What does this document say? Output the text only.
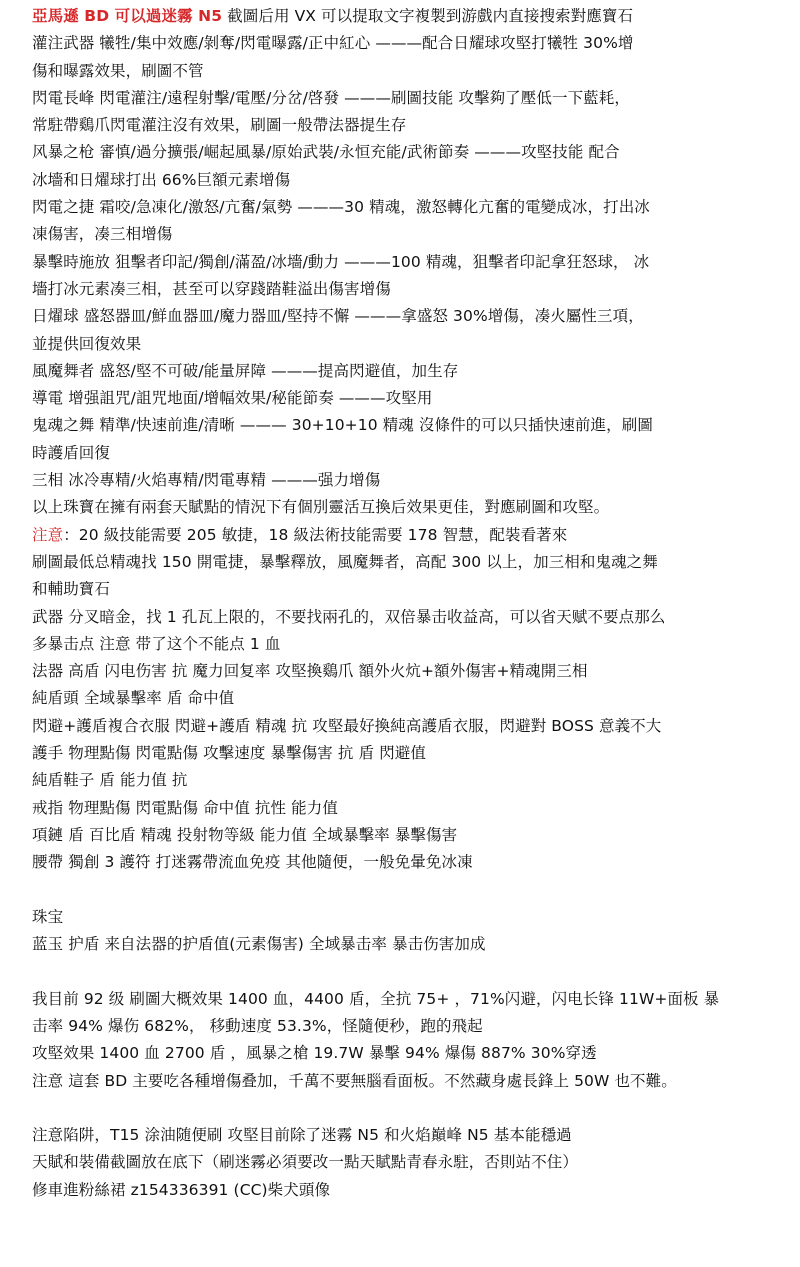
亞馬遜 BD 可以過迷霧 N5 截圖后用 VX 可以提取文字複製到游戲内直接搜索對應寶石
灌注武器 犧牲/集中效應/剝奪/閃電曝露/正中紅心 ———配合日耀球攻堅打犧牲 30%增
傷和曝露效果，刷圖不管
閃電長峰 閃電灌注/遠程射擊/電壓/分岔/啓發 ———刷圖技能 攻擊夠了壓低一下藍耗，
常駐帶鷄爪閃電灌注沒有效果，刷圖一般帶法器提生存
风暴之枪 審慎/過分擴張/崛起風暴/原始武裝/永恒充能/武術節奏 ———攻堅技能 配合
冰墻和日燿球打出 66%巨額元素增傷
閃電之捷 霜咬/急凍化/激怒/亢奮/氣勢 ———30 精魂，激怒轉化亢奮的電變成冰，打出冰
凍傷害，凑三相增傷
暴擊時施放 狙擊者印記/獨創/滿盈/冰墻/動力 ———100 精魂，狙擊者印記拿狂怒球， 冰
墻打冰元素凑三相，甚至可以穿踐踏鞋溢出傷害增傷
日燿球 盛怒器皿/鮮血器皿/魔力器皿/堅持不懈 ———拿盛怒 30%增傷，凑火屬性三項，
並提供回復效果
風魔舞者 盛怒/堅不可破/能量屏障 ———提高閃避值，加生存
導電 增强詛咒/詛咒地面/增幅效果/秘能節奏 ———攻堅用
鬼魂之舞 精準/快速前進/清晰 ——— 30+10+10 精魂 沒條件的可以只插快速前進，刷圖
時護盾回復
三相 冰冷專精/火焰專精/閃電專精 ———强力增傷
以上珠寶在擁有兩套天賦點的情況下有個別靈活互換后效果更佳，對應刷圖和攻堅。
注意：20 級技能需要 205 敏捷，18 級法術技能需要 178 智慧，配裝看著來
刷圖最低总精魂找 150 開電捷，暴擊釋放，風魔舞者，高配 300 以上，加三相和鬼魂之舞
和輔助寶石
武器 分叉暗金，找 1 孔瓦上限的，不要找兩孔的，双倍暴击收益高，可以省天赋不要点那么
多暴击点 注意 带了这个不能点 1 血
法器 高盾 闪电伤害 抗 魔力回复率 攻堅換鷄爪 額外火炕+額外傷害+精魂開三相
純盾頭 全域暴擊率 盾 命中值
閃避+護盾複合衣服 閃避+護盾 精魂 抗 攻堅最好換純高護盾衣服，閃避對 BOSS 意義不大
護手 物理點傷 閃電點傷 攻擊速度 暴擊傷害 抗 盾 閃避值
純盾鞋子 盾 能力值 抗
戒指 物理點傷 閃電點傷 命中值 抗性 能力值
項鏈 盾 百比盾 精魂 投射物等級 能力值 全域暴擊率 暴擊傷害
腰帶 獨創 3 護符 打迷霧帶流血免疫 其他隨便，一般免暈免冰凍
珠宝
蓝玉 护盾 来自法器的护盾值(元素傷害) 全域暴击率 暴击伤害加成
我目前 92 级 刷圖大概效果 1400 血，4400 盾，全抗 75+ ，71%闪避，闪电长锋 11W+面板 暴
击率 94% 爆伤 682%， 移動速度 53.3%，怪隨便秒，跑的飛起
攻堅效果 1400 血 2700 盾 ，風暴之槍 19.7W 暴擊 94% 爆傷 887% 30%穿透
注意 這套 BD 主要吃各種增傷叠加，千萬不要無腦看面板。不然藏身處長鋒上 50W 也不難。
注意陷阱，T15 涂油随便刷 攻堅目前除了迷霧 N5 和火焰巔峰 N5 基本能穩過
天賦和裝備截圖放在底下（刷迷霧必須要改一點天賦點青春永駐，否則站不住）
修車進粉絲裙 z154336391 (CC)柴犬頭像
